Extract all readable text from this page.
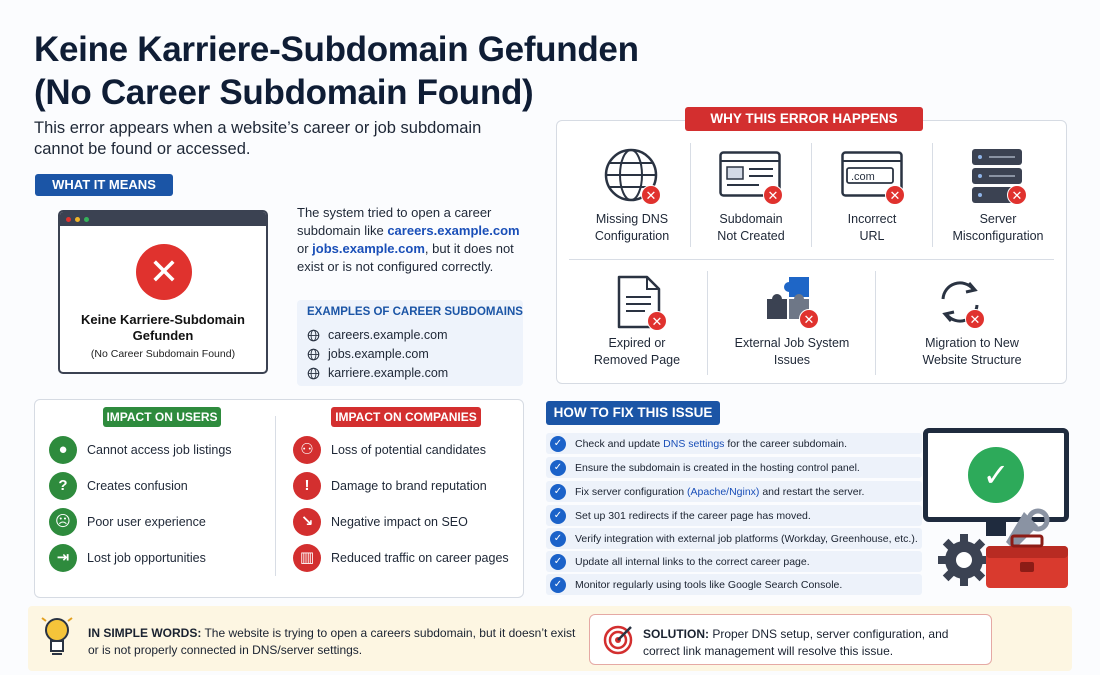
Keine Karriere-Subdomain Gefunden
(No Career Subdomain Found)
This error appears when a website’s career or job subdomain cannot be found or accessed.
WHAT IT MEANS
✕
Keine Karriere-Subdomain Gefunden
(No Career Subdomain Found)
The system tried to open a career subdomain like careers.example.com or jobs.example.com, but it does not exist or is not configured correctly.
EXAMPLES OF CAREER SUBDOMAINS
careers.example.com
jobs.example.com
karriere.example.com
✕
Missing DNS
Configuration
✕
Subdomain
Not Created
.com
✕
Incorrect
URL
✕
Server
Misconfiguration
✕
Expired or
Removed Page
✕
External Job System
Issues
✕
Migration to New
Website Structure
WHY THIS ERROR HAPPENS
IMPACT ON USERS
●	Cannot access job listings
?	Creates confusion
☹	Poor user experience
⇥	Lost job opportunities
IMPACT ON COMPANIES
⚇	Loss of potential candidates
!	Damage to brand reputation
↘	Negative impact on SEO
▥	Reduced traffic on career pages
HOW TO FIX THIS ISSUE
✓	Check and update DNS settings for the career subdomain.
✓	Ensure the subdomain is created in the hosting control panel.
✓	Fix server configuration (Apache/Nginx) and restart the server.
✓	Set up 301 redirects if the career page has moved.
✓	Verify integration with external job platforms (Workday, Greenhouse, etc.).
✓	Update all internal links to the correct career page.
✓	Monitor regularly using tools like Google Search Console.
✓
IN SIMPLE WORDS: The website is trying to open a careers subdomain, but it doesn’t exist or is not properly connected in DNS/server settings.
SOLUTION: Proper DNS setup, server configuration, and correct link management will resolve this issue.
